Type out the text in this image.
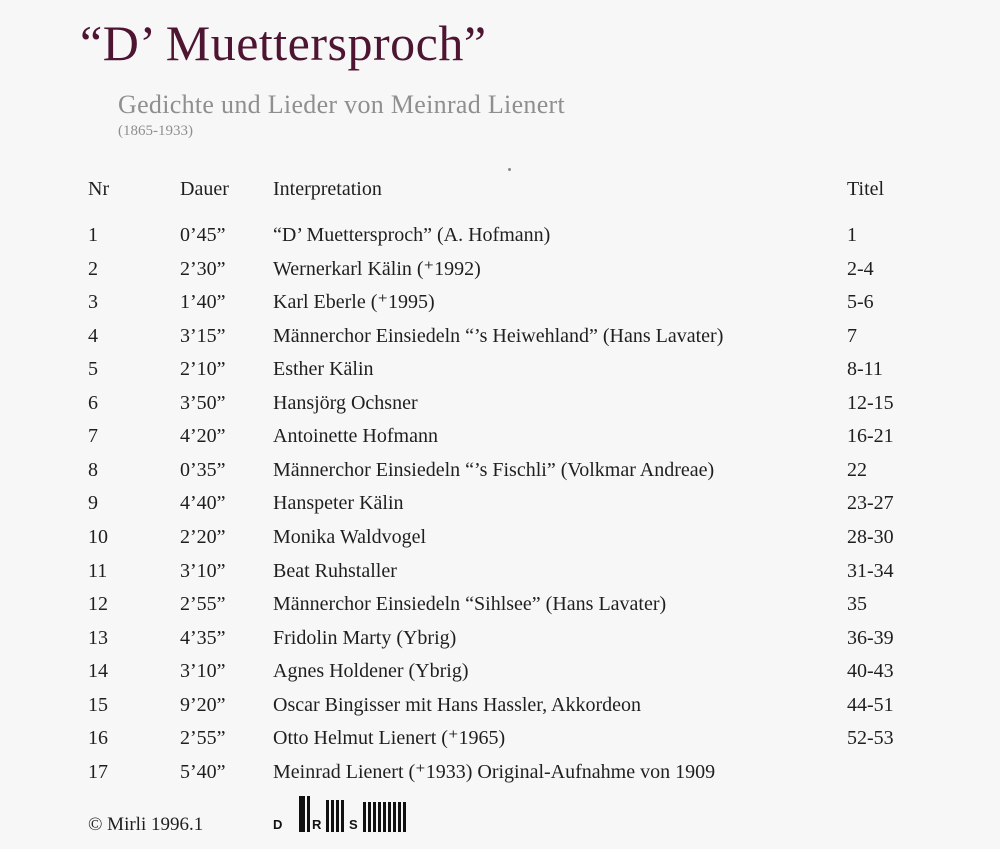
“D’ Muettersproch”
Gedichte und Lieder von Meinrad Lienert
(1865-1933)
Nr	Dauer Interpretation	Titel
1	0’45” “D’ Muettersproch” (A. Hofmann)	1
2	2’30” Wernerkarl Kälin (⁺1992)	2-4
3	1’40” Karl Eberle (⁺1995)	5-6
4	3’15” Männerchor Einsiedeln “’s Heiwehland” (Hans Lavater)	7
5	2’10” Esther Kälin	8-11
6	3’50” Hansjörg Ochsner	12-15
7	4’20” Antoinette Hofmann	16-21
8	0’35” Männerchor Einsiedeln “’s Fischli” (Volkmar Andreae)	22
9	4’40” Hanspeter Kälin	23-27
10	2’20” Monika Waldvogel	28-30
11	3’10” Beat Ruhstaller	31-34
12	2’55” Männerchor Einsiedeln “Sihlsee” (Hans Lavater)	35
13	4’35” Fridolin Marty (Ybrig)	36-39
14	3’10” Agnes Holdener (Ybrig)	40-43
15	9’20” Oscar Bingisser mit Hans Hassler, Akkordeon	44-51
16	2’55” Otto Helmut Lienert (⁺1965)	52-53
17	5’40” Meinrad Lienert (⁺1933) Original-Aufnahme von 1909
© Mirli 1996.1	D R S
